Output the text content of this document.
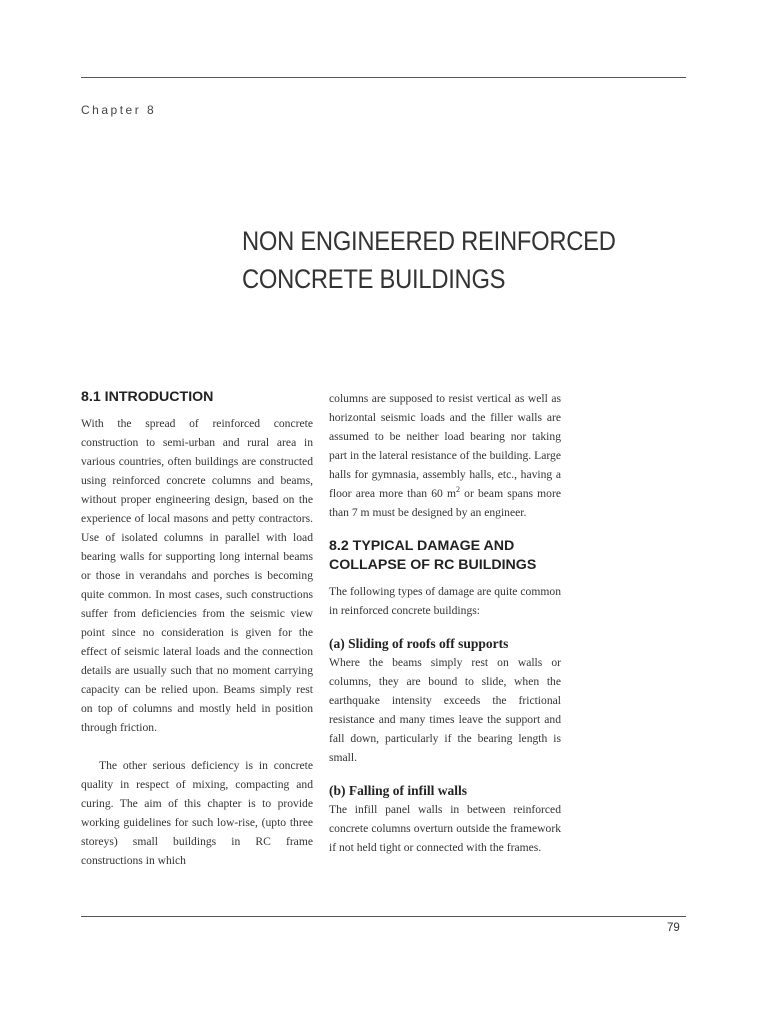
Chapter 8
NON ENGINEERED REINFORCED
CONCRETE BUILDINGS
8.1 INTRODUCTION

With the spread of reinforced concrete construction to semi-urban and rural area in various countries, often buildings are constructed using reinforced concrete columns and beams, without proper engineering design, based on the experience of local masons and petty contractors. Use of isolated columns in parallel with load bearing walls for supporting long internal beams or those in verandahs and porches is becoming quite common. In most cases, such constructions suffer from deficiencies from the seismic view point since no consideration is given for the effect of seismic lateral loads and the connection details are usually such that no moment carrying capacity can be relied upon. Beams simply rest on top of columns and mostly held in position through friction.

The other serious deficiency is in concrete quality in respect of mixing, compacting and curing. The aim of this chapter is to provide working guidelines for such low-rise, (upto three storeys) small buildings in RC frame constructions in which

columns are supposed to resist vertical as well as horizontal seismic loads and the filler walls are assumed to be neither load bearing nor taking part in the lateral resistance of the building. Large halls for gymnasia, assembly halls, etc., having a floor area more than 60 $m^2$ or beam spans more than 7 m must be designed by an engineer.

8.2 TYPICAL DAMAGE AND
COLLAPSE OF RC BUILDINGS

The following types of damage are quite common in reinforced concrete buildings:

(a) Sliding of roofs off supports

Where the beams simply rest on walls or columns, they are bound to slide, when the earthquake intensity exceeds the frictional resistance and many times leave the support and fall down, particularly if the bearing length is small.

(b) Falling of infill walls

The infill panel walls in between reinforced concrete columns overturn outside the framework if not held tight or connected with the frames.

79
